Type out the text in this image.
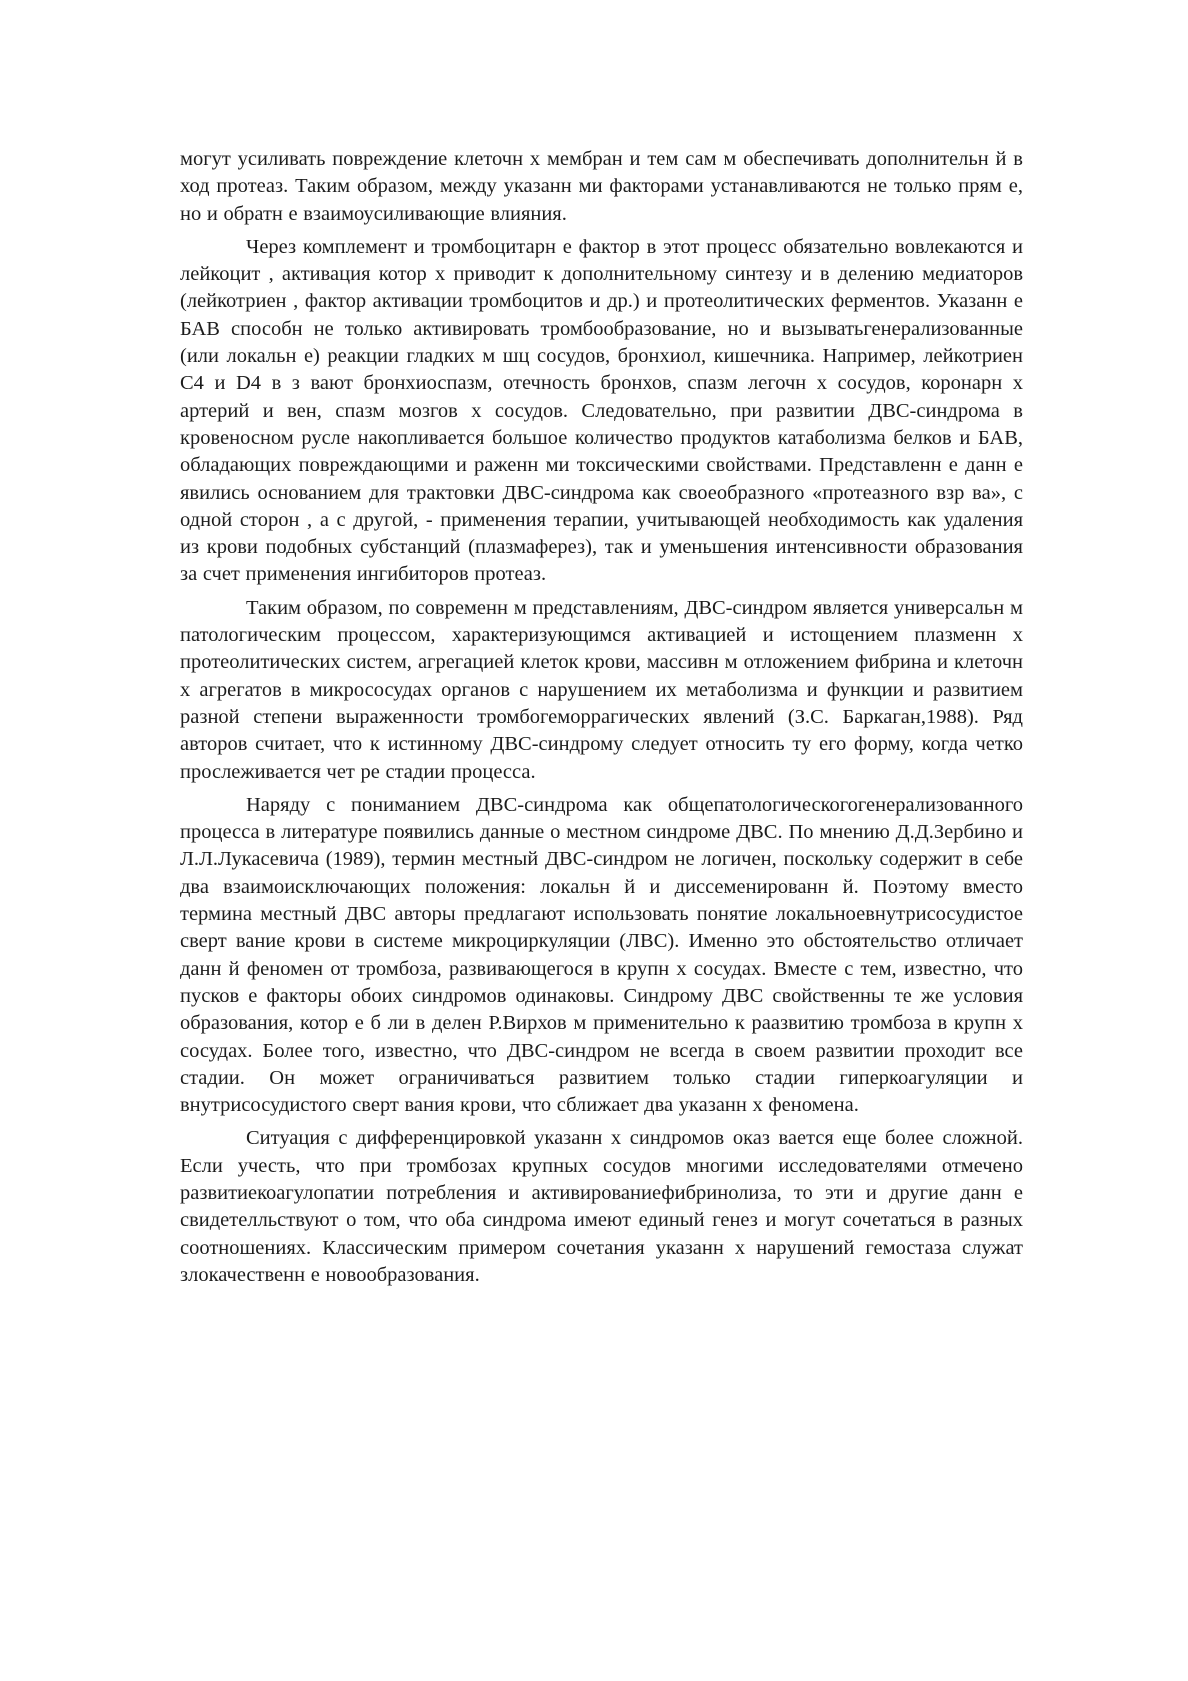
могут усиливать повреждение клеточн х мембран и тем сам м обеспечивать дополнительн й в ход протеаз. Таким образом, между указанн ми факторами устанавливаются не только прям е, но и обратн е взаимоусиливающие влияния.

Через комплемент и тромбоцитарн е фактор в этот процесс обязательно вовлекаются и лейкоцит , активация котор х приводит к дополнительному синтезу и в делению медиаторов (лейкотриен , фактор активации тромбоцитов и др.) и протеолитических ферментов. Указанн е БАВ способн не только активировать тромбообразование, но и вызыватьгенерализованные (или локальн е) реакции гладких м шц сосудов, бронхиол, кишечника. Например, лейкотриен С4 и D4 в з вают бронхиоспазм, отечность бронхов, спазм легочн х сосудов, коронарн х артерий и вен, спазм мозгов х сосудов. Следовательно, при развитии ДВС-синдрома в кровеносном русле накопливается большое количество продуктов катаболизма белков и БАВ, обладающих повреждающими и раженн ми токсическими свойствами. Представленн е данн е явились основанием для трактовки ДВС-синдрома как своеобразного «протеазного взр ва», с одной сторон , а с другой, - применения терапии, учитывающей необходимость как удаления из крови подобных субстанций (плазмаферез), так и уменьшения интенсивности образования за счет применения ингибиторов протеаз.

Таким образом, по современн м представлениям, ДВС-синдром является универсальн м патологическим процессом, характеризующимся активацией и истощением плазменн х протеолитических систем, агрегацией клеток крови, массивн м отложением фибрина и клеточн х агрегатов в микрососудах органов с нарушением их метаболизма и функции и развитием разной степени выраженности тромбогеморрагических явлений (З.С. Баркаган,1988). Ряд авторов считает, что к истинному ДВС-синдрому следует относить ту его форму, когда четко прослеживается чет ре стадии процесса.

Наряду с пониманием ДВС-синдрома как общепатологическогогенерализованного процесса в литературе появились данные о местном синдроме ДВС. По мнению Д.Д.Зербино и Л.Л.Лукасевича (1989), термин местный ДВС-синдром не логичен, поскольку содержит в себе два взаимоисключающих положения: локальн й и диссеменированн й. Поэтому вместо термина местный ДВС авторы предлагают использовать понятие локальноевнутрисосудистое сверт вание крови в системе микроциркуляции (ЛВС). Именно это обстоятельство отличает данн й феномен от тромбоза, развивающегося в крупн х сосудах. Вместе с тем, известно, что пусков е факторы обоих синдромов одинаковы. Синдрому ДВС свойственны те же условия образования, котор е б ли в делен Р.Вирхов м применительно к раазвитию тромбоза в крупн х сосудах. Более того, известно, что ДВС-синдром не всегда в своем развитии проходит все стадии. Он может ограничиваться развитием только стадии гиперкоагуляции и внутрисосудистого сверт вания крови, что сближает два указанн х феномена.

Ситуация с дифференцировкой указанн х синдромов оказ вается еще более сложной. Если учесть, что при тромбозах крупных сосудов многими исследователями отмечено развитиекоагулопатии потребления и активированиефибринолиза, то эти и другие данн е свидетелльствуют о том, что оба синдрома имеют единый генез и могут сочетаться в разных соотношениях. Классическим примером сочетания указанн х нарушений гемостаза служат злокачественн е новообразования.
